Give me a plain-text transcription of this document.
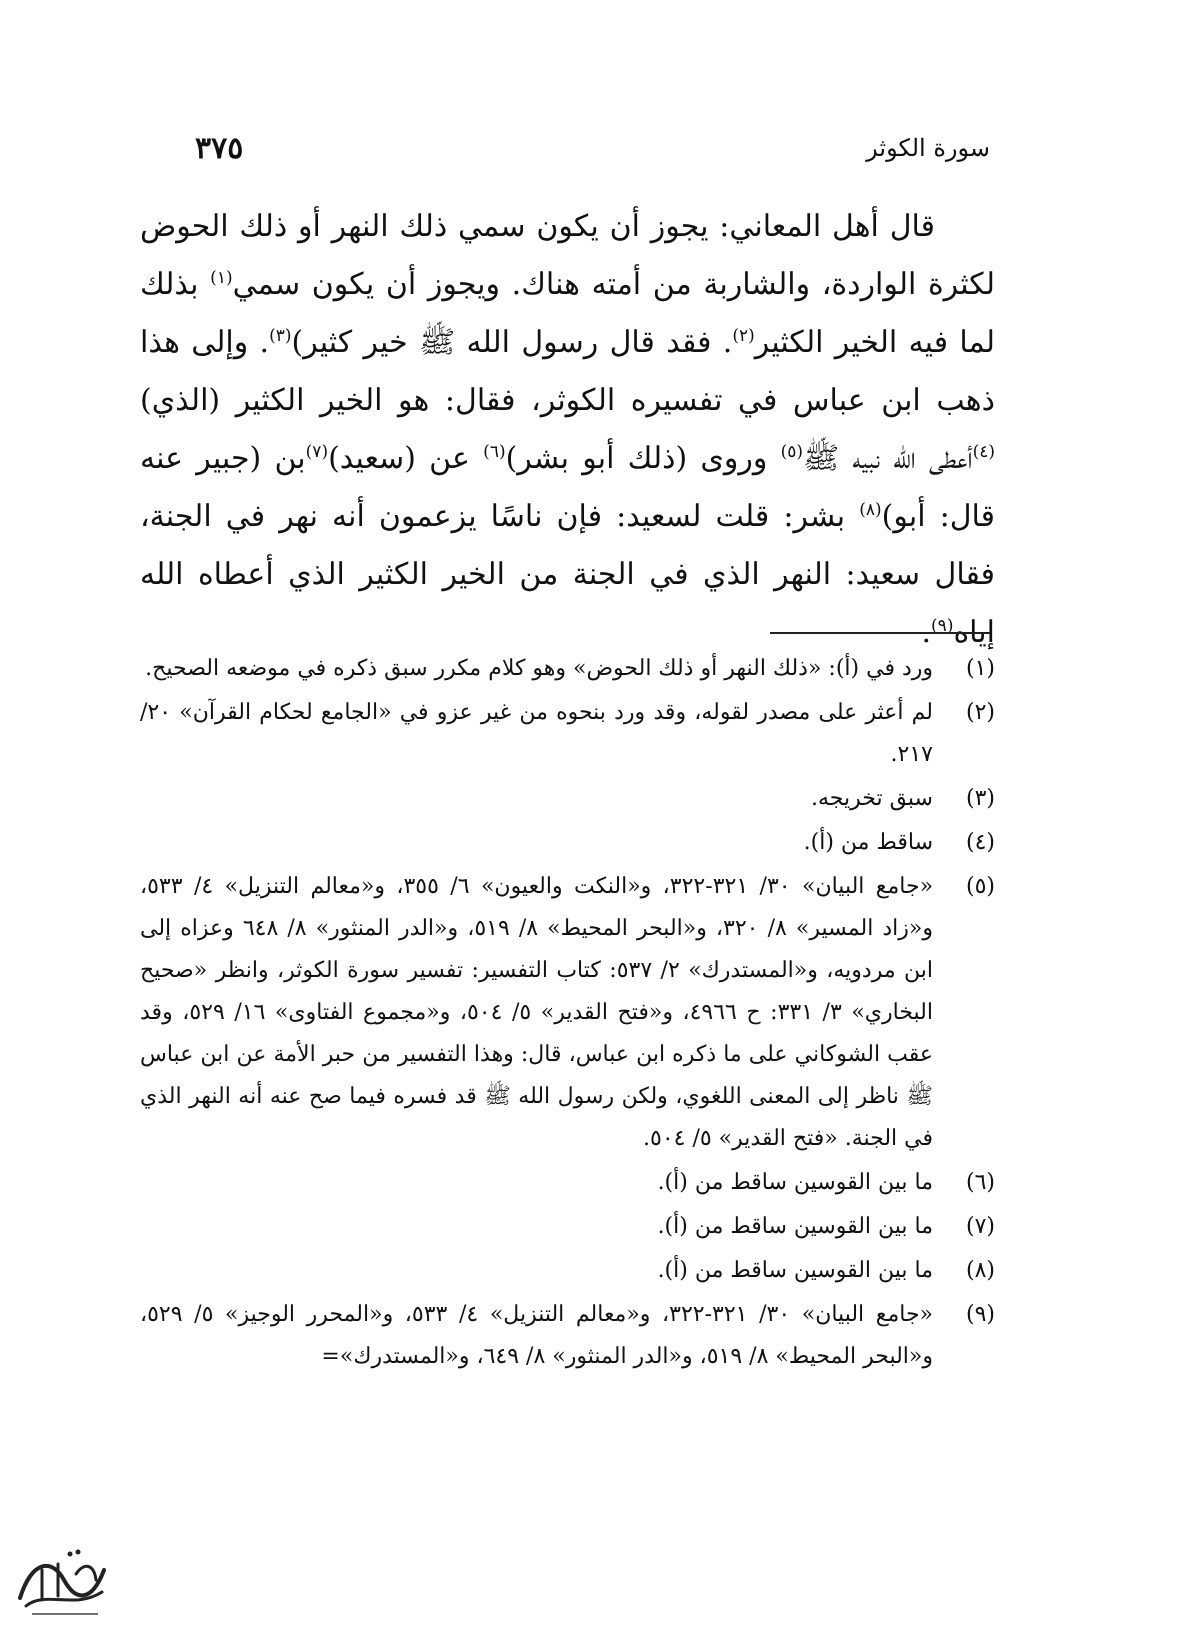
سورة الكوثر
٣٧٥

قال أهل المعاني: يجوز أن يكون سمي ذلك النهر أو ذلك الحوض لكثرة الواردة، والشاربة من أمته هناك. ويجوز أن يكون سمي$^{(١)}$ بذلك لما فيه الخير الكثير$^{(٢)}$. فقد قال رسول الله ﷺ خير كثير)$^{(٣)}$. وإلى هذا ذهب ابن عباس في تفسيره الكوثر، فقال: هو الخير الكثير (الذي)$^{(٤)}$أعطى الله نبيه ﷺ$^{(٥)}$ وروى (ذلك أبو بشر)$^{(٦)}$ عن (سعيد)$^{(٧)}$بن (جبير عنه قال: أبو)$^{(٨)}$ بشر: قلت لسعيد: فإن ناسًا يزعمون أنه نهر في الجنة، فقال سعيد: النهر الذي في الجنة من الخير الكثير الذي أعطاه الله إياه$^{(٩)}$.

(١)
ورد في (أ): «ذلك النهر أو ذلك الحوض» وهو كلام مكرر سبق ذكره في موضعه الصحيح.
(٢)
لم أعثر على مصدر لقوله، وقد ورد بنحوه من غير عزو في «الجامع لحكام القرآن» ٢٠/ ٢١٧.
(٣)
سبق تخريجه.
(٤)
ساقط من (أ).
(٥)
«جامع البيان» ٣٠/ ٣٢١-٣٢٢، و«النكت والعيون» ٦/ ٣٥٥، و«معالم التنزيل» ٤/ ٥٣٣، و«زاد المسير» ٨/ ٣٢٠، و«البحر المحيط» ٨/ ٥١٩، و«الدر المنثور» ٨/ ٦٤٨ وعزاه إلى ابن مردويه، و«المستدرك» ٢/ ٥٣٧: كتاب التفسير: تفسير سورة الكوثر، وانظر «صحيح البخاري» ٣/ ٣٣١: ح ٤٩٦٦، و«فتح القدير» ٥/ ٥٠٤، و«مجموع الفتاوى» ١٦/ ٥٢٩، وقد عقب الشوكاني على ما ذكره ابن عباس، قال: وهذا التفسير من حبر الأمة عن ابن عباس ﷺ ناظر إلى المعنى اللغوي، ولكن رسول الله ﷺ قد فسره فيما صح عنه أنه النهر الذي في الجنة. «فتح القدير» ٥/ ٥٠٤.
(٦)
ما بين القوسين ساقط من (أ).
(٧)
ما بين القوسين ساقط من (أ).
(٨)
ما بين القوسين ساقط من (أ).
(٩)
«جامع البيان» ٣٠/ ٣٢١-٣٢٢، و«معالم التنزيل» ٤/ ٥٣٣، و«المحرر الوجيز» ٥/ ٥٢٩، و«البحر المحيط» ٨/ ٥١٩، و«الدر المنثور» ٨/ ٦٤٩، و«المستدرك»=
